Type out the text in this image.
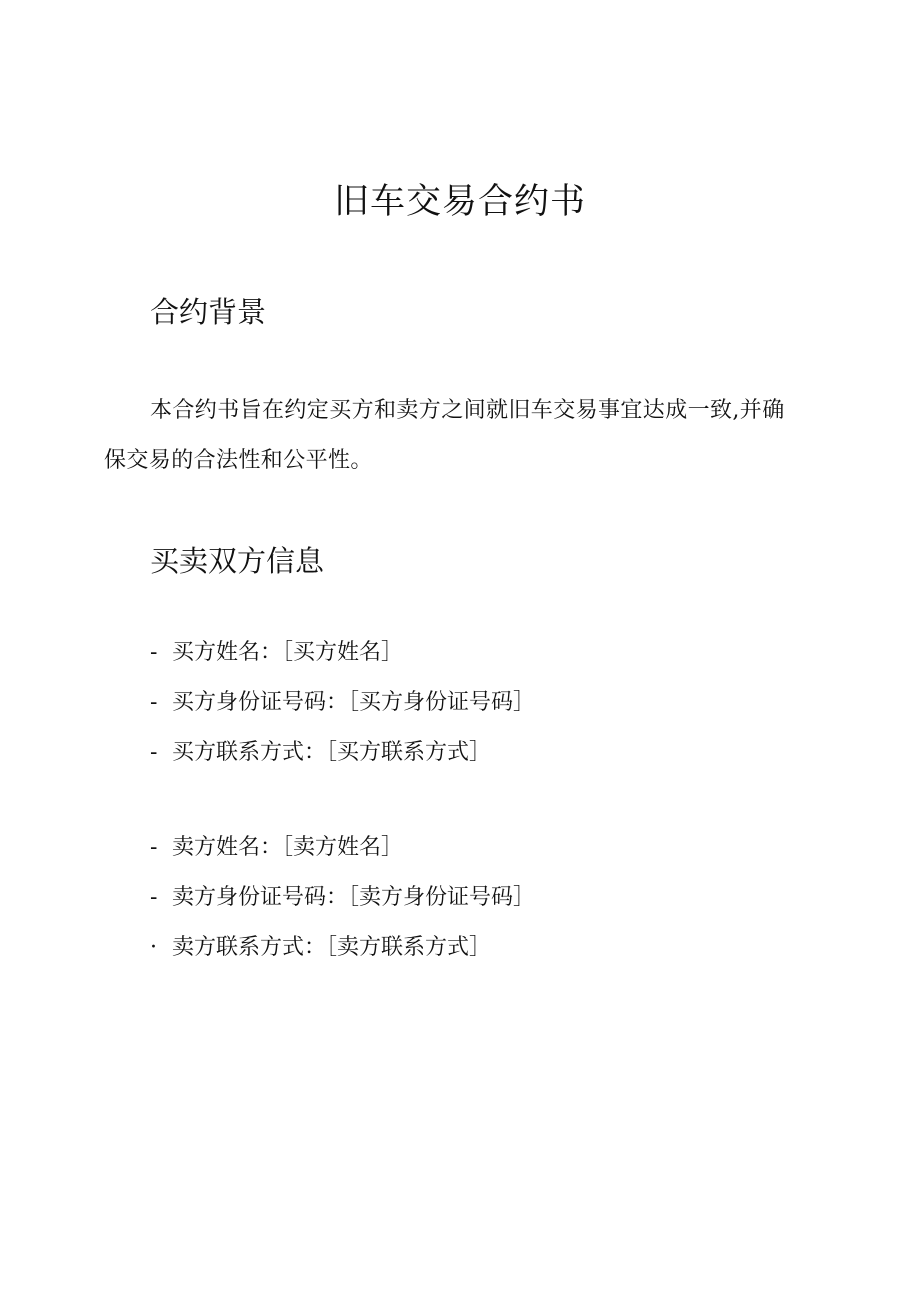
旧车交易合约书
合约背景

本合约书旨在约定买方和卖方之间就旧车交易事宜达成一致,并确保交易的合法性和公平性。

买卖双方信息
- 买方姓名：［买方姓名］
- 买方身份证号码：［买方身份证号码］
- 买方联系方式：［买方联系方式］
- 卖方姓名：［卖方姓名］
- 卖方身份证号码：［卖方身份证号码］
· 卖方联系方式：［卖方联系方式］
